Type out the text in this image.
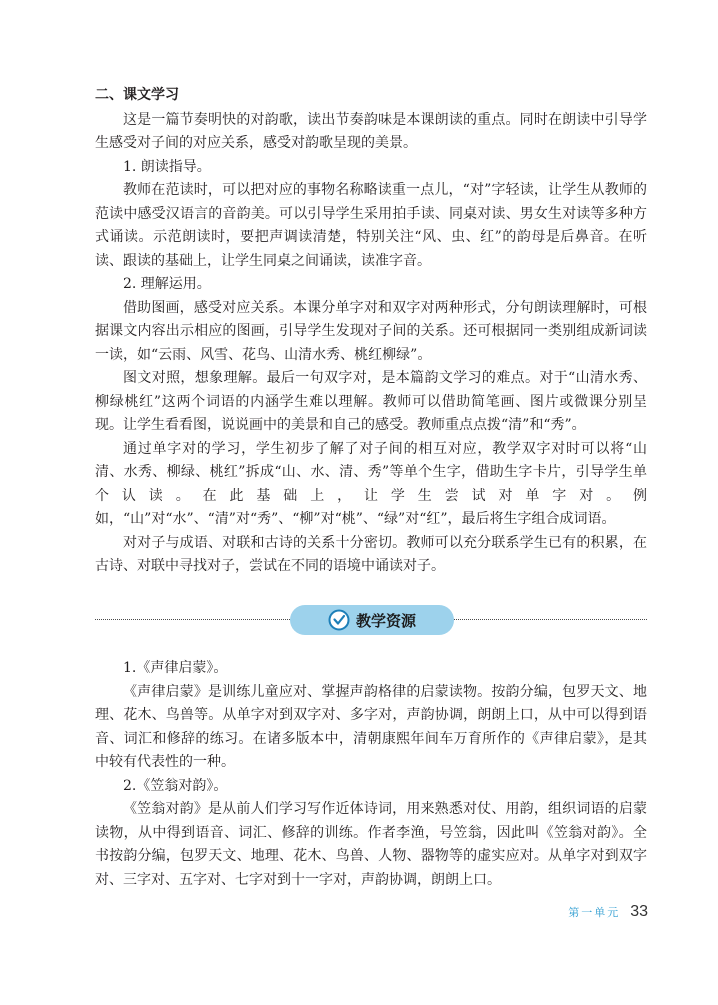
二、课文学习

这是一篇节奏明快的对韵歌，读出节奏韵味是本课朗读的重点。同时在朗读中引导学生感受对子间的对应关系，感受对韵歌呈现的美景。

1. 朗读指导。

教师在范读时，可以把对应的事物名称略读重一点儿，“对”字轻读，让学生从教师的范读中感受汉语言的音韵美。可以引导学生采用拍手读、同桌对读、男女生对读等多种方式诵读。示范朗读时，要把声调读清楚，特别关注“风、虫、红”的韵母是后鼻音。在听读、跟读的基础上，让学生同桌之间诵读，读准字音。

2. 理解运用。

借助图画，感受对应关系。本课分单字对和双字对两种形式，分句朗读理解时，可根据课文内容出示相应的图画，引导学生发现对子间的关系。还可根据同一类别组成新词读一读，如“云雨、风雪、花鸟、山清水秀、桃红柳绿”。

图文对照，想象理解。最后一句双字对，是本篇韵文学习的难点。对于“山清水秀、柳绿桃红”这两个词语的内涵学生难以理解。教师可以借助简笔画、图片或微课分别呈现。让学生看看图，说说画中的美景和自己的感受。教师重点点拨“清”和“秀”。

通过单字对的学习，学生初步了解了对子间的相互对应，教学双字对时可以将“山清、水秀、柳绿、桃红”拆成“山、水、清、秀”等单个生字，借助生字卡片，引导学生单个认读。在此基础上，让学生尝试对单字对。例如，“山”对“水”、“清”对“秀”、“柳”对“桃”、“绿”对“红”，最后将生字组合成词语。

对对子与成语、对联和古诗的关系十分密切。教师可以充分联系学生已有的积累，在古诗、对联中寻找对子，尝试在不同的语境中诵读对子。

教学资源

1.《声律启蒙》。

《声律启蒙》是训练儿童应对、掌握声韵格律的启蒙读物。按韵分编，包罗天文、地理、花木、鸟兽等。从单字对到双字对、多字对，声韵协调，朗朗上口，从中可以得到语音、词汇和修辞的练习。在诸多版本中，清朝康熙年间车万育所作的《声律启蒙》，是其中较有代表性的一种。

2.《笠翁对韵》。

《笠翁对韵》是从前人们学习写作近体诗词，用来熟悉对仗、用韵，组织词语的启蒙读物，从中得到语音、词汇、修辞的训练。作者李渔，号笠翁，因此叫《笠翁对韵》。全书按韵分编，包罗天文、地理、花木、鸟兽、人物、器物等的虚实应对。从单字对到双字对、三字对、五字对、七字对到十一字对，声韵协调，朗朗上口。

第一单元 33
